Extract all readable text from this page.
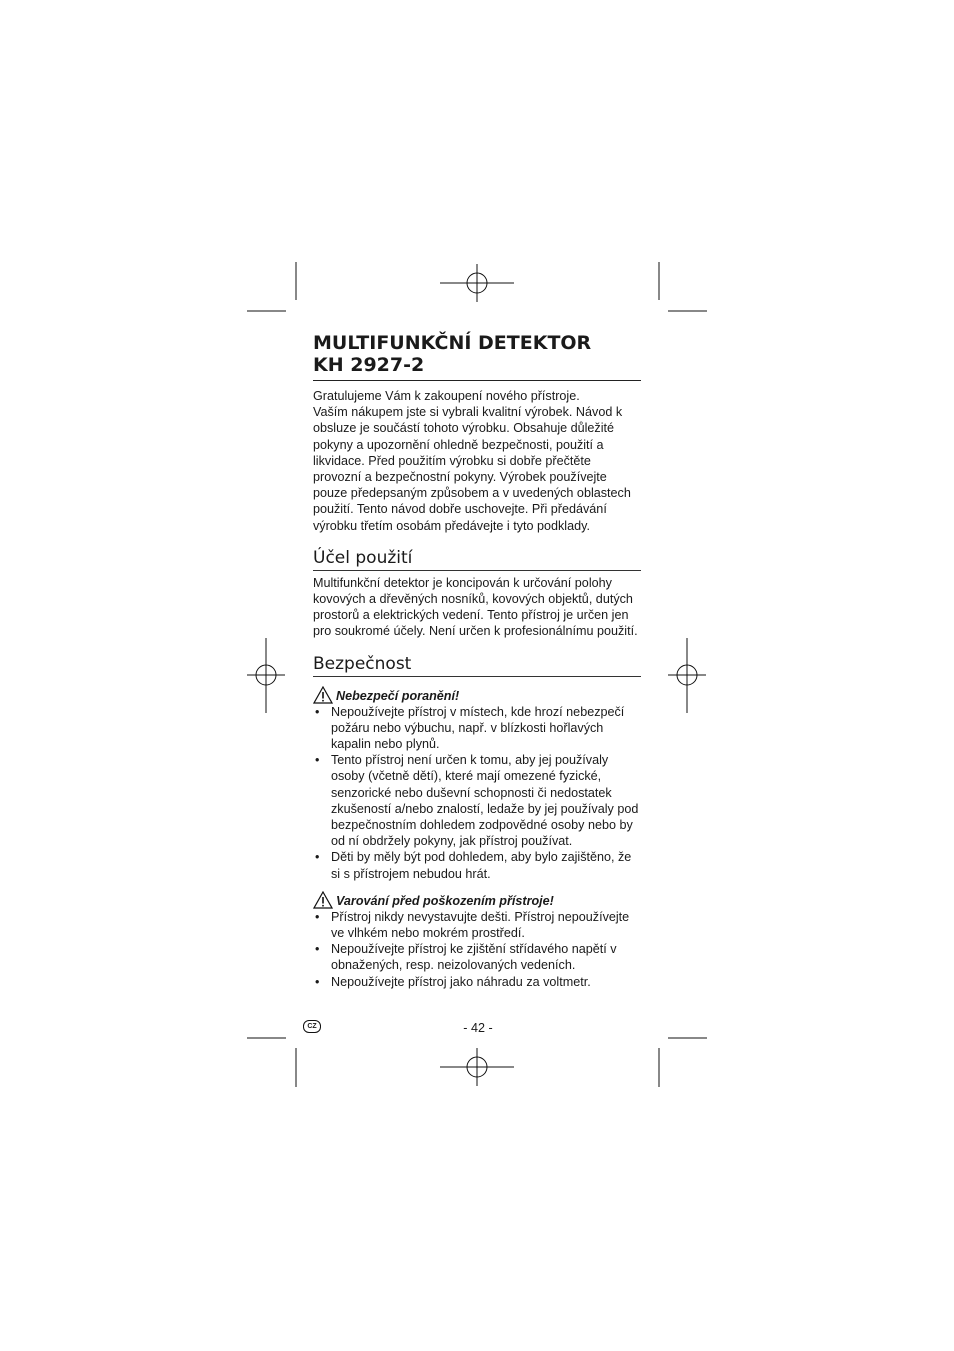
MULTIFUNKČNÍ DETEKTOR
KH 2927-2

Gratulujeme Vám k zakoupení nového přístroje.

Vaším nákupem jste si vybrali kvalitní výrobek. Návod k obsluze je součástí tohoto výrobku. Obsahuje důležité pokyny a upozornění ohledně bezpečnosti, použití a likvidace. Před použitím výrobku si dobře přečtěte provozní a bezpečnostní pokyny. Výrobek používejte pouze předepsaným způsobem a v uvedených oblastech použití. Tento návod dobře uschovejte. Při předávání výrobku třetím osobám předávejte i tyto podklady.

Účel použití

Multifunkční detektor je koncipován k určování polohy kovových a dřevěných nosníků, kovových objektů, dutých prostorů a elektrických vedení. Tento přístroj je určen jen pro soukromé účely. Není určen k profesionálnímu použití.

Bezpečnost
Nebezpečí poranění!
• Nepoužívejte přístroj v místech, kde hrozí nebezpečí požáru nebo výbuchu, např. v blízkosti hořlavých kapalin nebo plynů.
• Tento přístroj není určen k tomu, aby jej používaly osoby (včetně dětí), které mají omezené fyzické, senzorické nebo duševní schopnosti či nedostatek zkušeností a/nebo znalostí, ledaže by jej používaly pod bezpečnostním dohledem zodpovědné osoby nebo by od ní obdržely pokyny, jak přístroj používat.
• Děti by měly být pod dohledem, aby bylo zajištěno, že si s přístrojem nebudou hrát.
Varování před poškozením přístroje!
• Přístroj nikdy nevystavujte dešti. Přístroj nepoužívejte ve vlhkém nebo mokrém prostředí.
• Nepoužívejte přístroj ke zjištění střídavého napětí v obnažených, resp. neizolovaných vedeních.
• Nepoužívejte přístroj jako náhradu za voltmetr.
CZ	- 42 -
